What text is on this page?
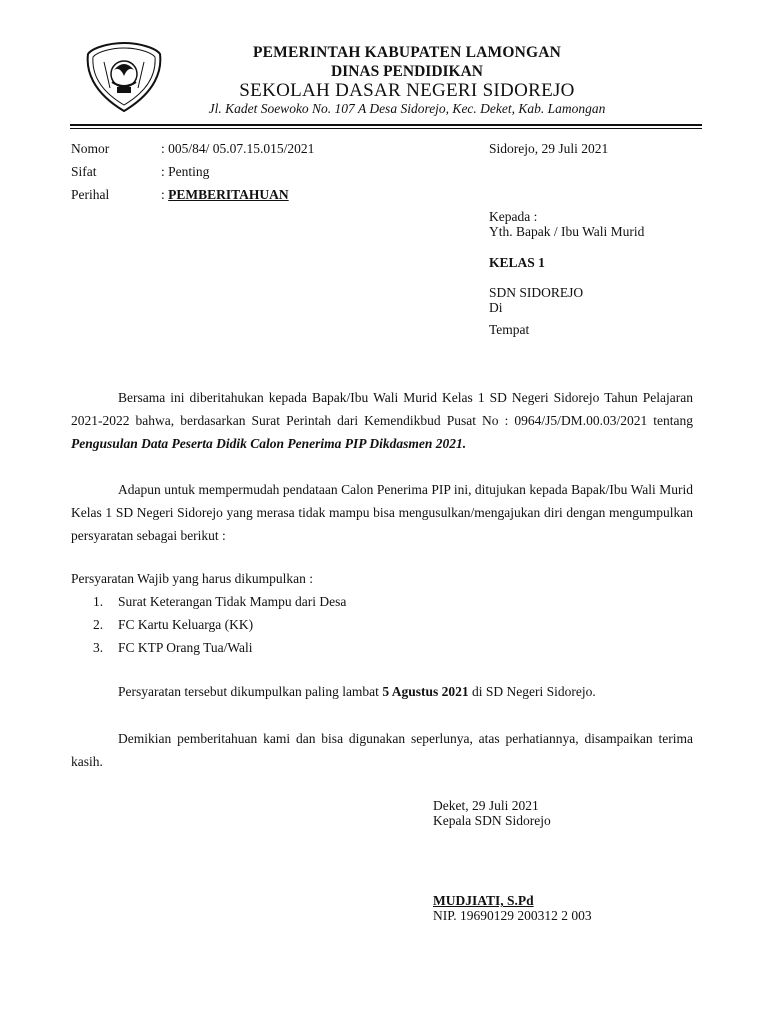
PEMERINTAH KABUPATEN LAMONGAN
DINAS PENDIDIKAN
SEKOLAH DASAR NEGERI SIDOREJO
Jl. Kadet Soewoko No. 107 A Desa Sidorejo, Kec. Deket, Kab. Lamongan
Nomor	: 005/84/ 05.07.15.015/2021	Sidorejo, 29 Juli 2021
Sifat	: Penting
Perihal	: PEMBERITAHUAN
Kepada :
Yth. Bapak / Ibu Wali Murid
KELAS 1
SDN SIDOREJO
Di
Tempat

Bersama ini diberitahukan kepada Bapak/Ibu Wali Murid Kelas 1 SD Negeri Sidorejo Tahun Pelajaran 2021-2022 bahwa, berdasarkan Surat Perintah dari Kemendikbud Pusat No : 0964/J5/DM.00.03/2021 tentang Pengusulan Data Peserta Didik Calon Penerima PIP Dikdasmen 2021.

Adapun untuk mempermudah pendataan Calon Penerima PIP ini, ditujukan kepada Bapak/Ibu Wali Murid Kelas 1 SD Negeri Sidorejo yang merasa tidak mampu bisa mengusulkan/mengajukan diri dengan mengumpulkan persyaratan sebagai berikut :

Persyaratan Wajib yang harus dikumpulkan :
1. Surat Keterangan Tidak Mampu dari Desa
2. FC Kartu Keluarga (KK)
3. FC KTP Orang Tua/Wali
Persyaratan tersebut dikumpulkan paling lambat 5 Agustus 2021 di SD Negeri Sidorejo.

Demikian pemberitahuan kami dan bisa digunakan seperlunya, atas perhatiannya, disampaikan terima kasih.

Deket, 29 Juli 2021
Kepala SDN Sidorejo
MUDJIATI, S.Pd
NIP. 19690129 200312 2 003
